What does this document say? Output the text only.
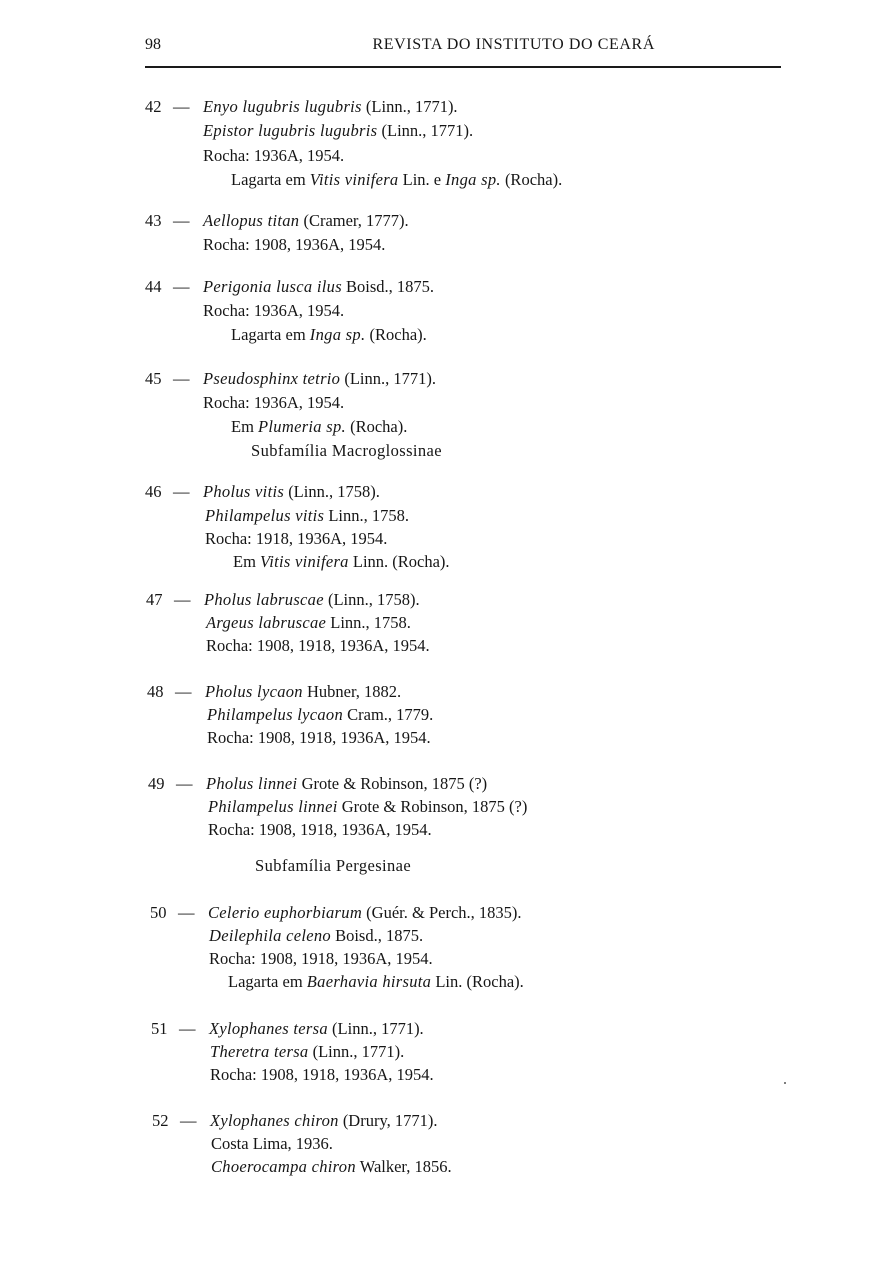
98	REVISTA DO INSTITUTO DO CEARÁ
42 — Enyo lugubris lugubris (Linn., 1771).
Epistor lugubris lugubris (Linn., 1771).
Rocha: 1936A, 1954.
Lagarta em Vitis vinifera Lin. e Inga sp. (Rocha).
43 — Aellopus titan (Cramer, 1777).
Rocha: 1908, 1936A, 1954.
44 — Perigonia lusca ilus Boisd., 1875.
Rocha: 1936A, 1954.
Lagarta em Inga sp. (Rocha).
45 — Pseudosphinx tetrio (Linn., 1771).
Rocha: 1936A, 1954.
Em Plumeria sp. (Rocha).
Subfamília Macroglossinae
46 — Pholus vitis (Linn., 1758).
Philampelus vitis Linn., 1758.
Rocha: 1918, 1936A, 1954.
Em Vitis vinifera Linn. (Rocha).
47 — Pholus labruscae (Linn., 1758).
Argeus labruscae Linn., 1758.
Rocha: 1908, 1918, 1936A, 1954.
48 — Pholus lycaon Hubner, 1882.
Philampelus lycaon Cram., 1779.
Rocha: 1908, 1918, 1936A, 1954.
49 — Pholus linnei Grote & Robinson, 1875 (?)
Philampelus linnei Grote & Robinson, 1875 (?)
Rocha: 1908, 1918, 1936A, 1954.
Subfamília Pergesinae
50 — Celerio euphorbiarum (Guér. & Perch., 1835).
Deilephila celeno Boisd., 1875.
Rocha: 1908, 1918, 1936A, 1954.
Lagarta em Baerhavia hirsuta Lin. (Rocha).
51 — Xylophanes tersa (Linn., 1771).
Theretra tersa (Linn., 1771).
Rocha: 1908, 1918, 1936A, 1954.
52 — Xylophanes chiron (Drury, 1771).
Costa Lima, 1936.
Choerocampa chiron Walker, 1856.
